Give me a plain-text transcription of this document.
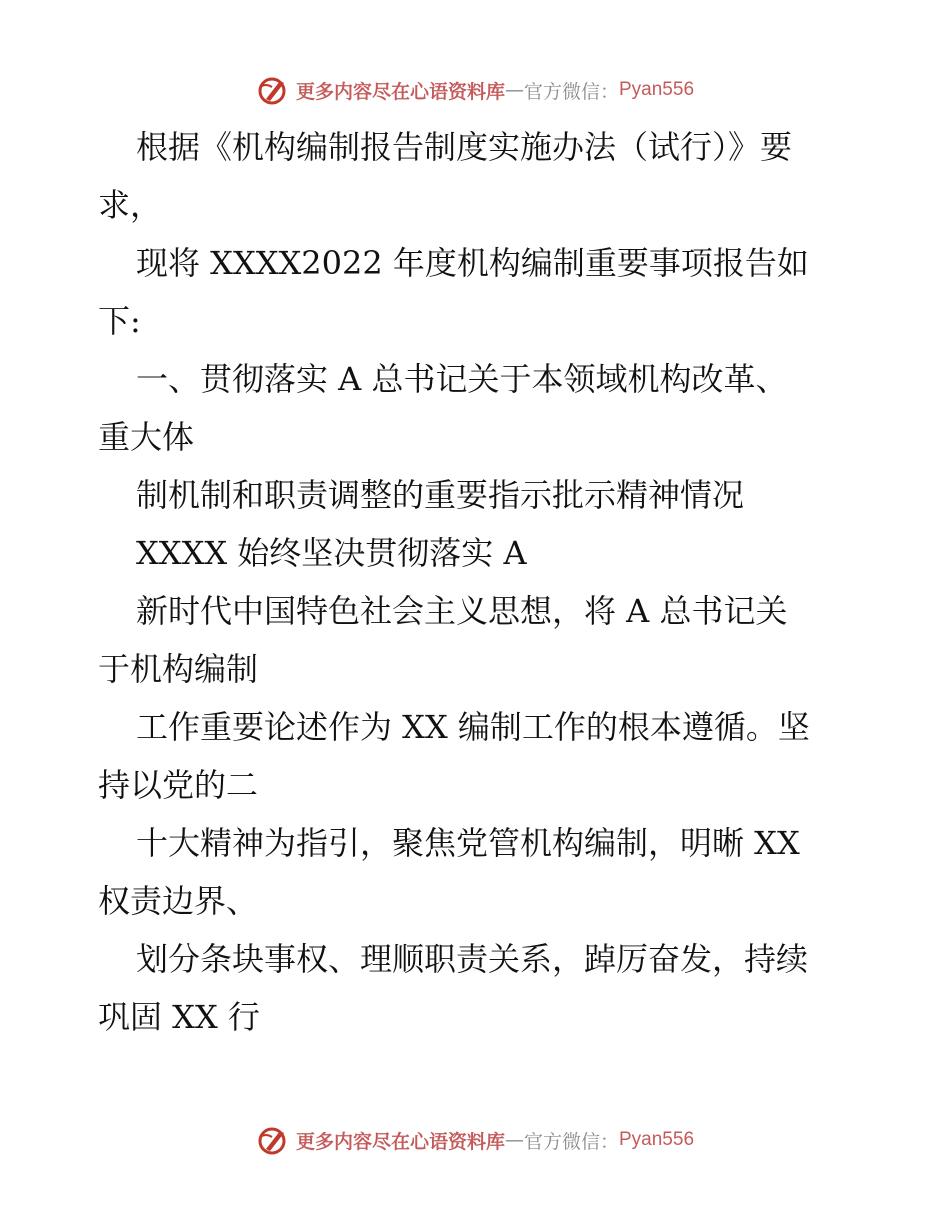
更多内容尽在心语资料库 — 官方微信： Pyan556
根据《机构编制报告制度实施办法（试行）》要
求，
现将 XXXX2022 年度机构编制重要事项报告如
下:
一、贯彻落实 A 总书记关于本领域机构改革、
重大体
制机制和职责调整的重要指示批示精神情况
XXXX 始终坚决贯彻落实 A
新时代中国特色社会主义思想，将 A 总书记关
于机构编制
工作重要论述作为 XX 编制工作的根本遵循。坚
持以党的二
十大精神为指引，聚焦党管机构编制，明晰 XX
权责边界、
划分条块事权、理顺职责关系，踔厉奋发，持续
巩固 XX 行
更多内容尽在心语资料库 — 官方微信： Pyan556
